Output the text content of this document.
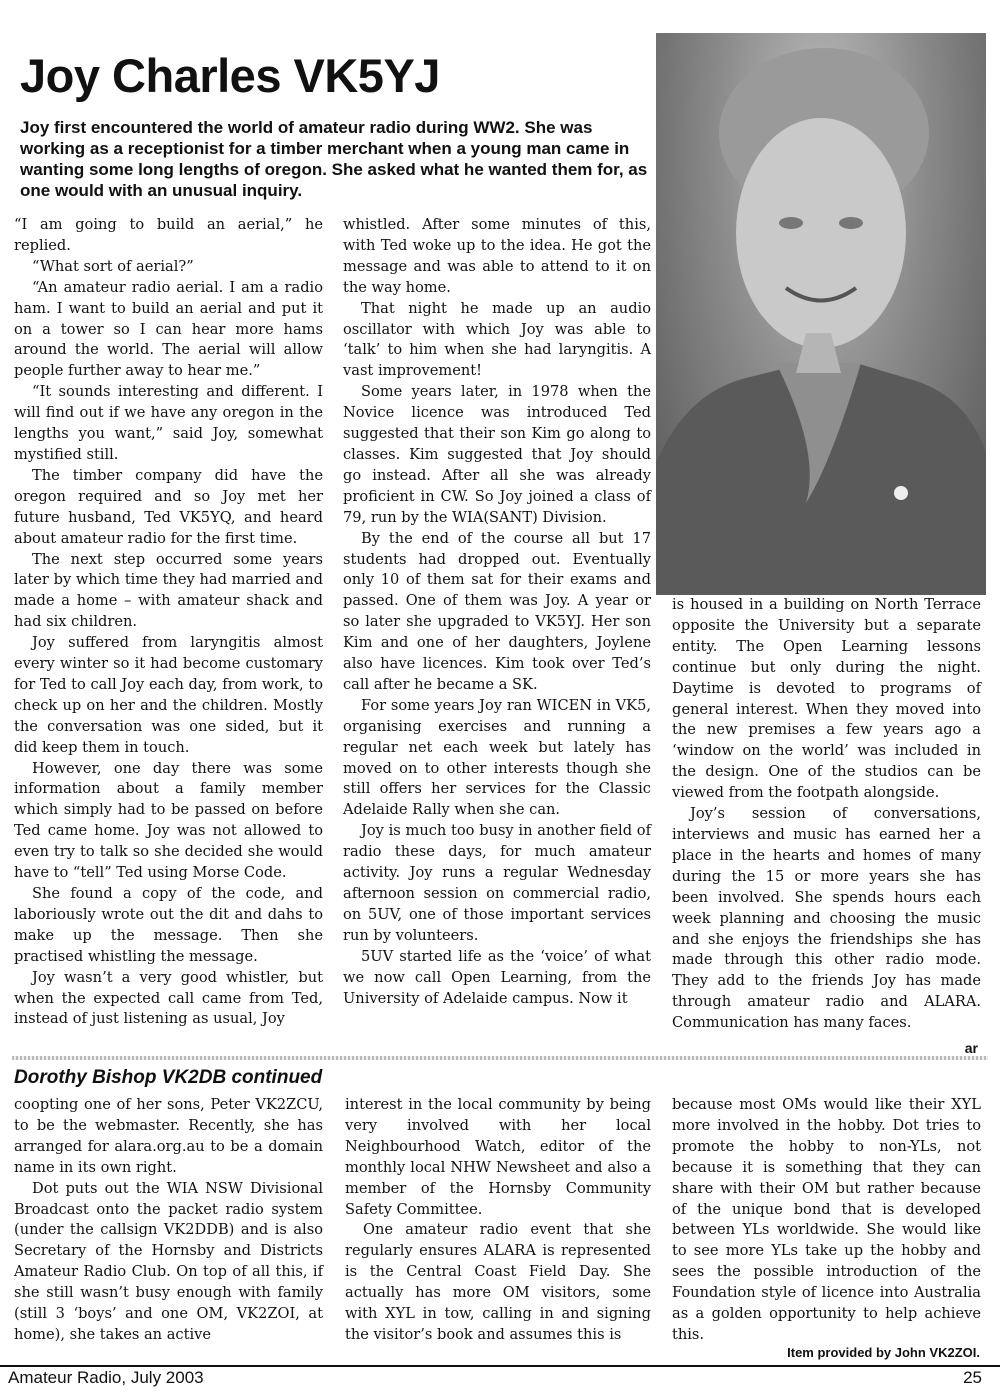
Joy Charles VK5YJ

Joy first encountered the world of amateur radio during WW2. She was working as a receptionist for a timber merchant when a young man came in wanting some long lengths of oregon. She asked what he wanted them for, as one would with an unusual inquiry.

“I am going to build an aerial,” he replied.

“What sort of aerial?”

“An amateur radio aerial. I am a radio ham. I want to build an aerial and put it on a tower so I can hear more hams around the world. The aerial will allow people further away to hear me.”

“It sounds interesting and different. I will find out if we have any oregon in the lengths you want,” said Joy, somewhat mystified still.

The timber company did have the oregon required and so Joy met her future husband, Ted VK5YQ, and heard about amateur radio for the first time.

The next step occurred some years later by which time they had married and made a home – with amateur shack and had six children.

Joy suffered from laryngitis almost every winter so it had become customary for Ted to call Joy each day, from work, to check up on her and the children. Mostly the conversation was one sided, but it did keep them in touch.

However, one day there was some information about a family member which simply had to be passed on before Ted came home. Joy was not allowed to even try to talk so she decided she would have to “tell” Ted using Morse Code.

She found a copy of the code, and laboriously wrote out the dit and dahs to make up the message. Then she practised whistling the message.

Joy wasn’t a very good whistler, but when the expected call came from Ted, instead of just listening as usual, Joy

whistled. After some minutes of this, with Ted woke up to the idea. He got the message and was able to attend to it on the way home.

That night he made up an audio oscillator with which Joy was able to ‘talk’ to him when she had laryngitis. A vast improvement!

Some years later, in 1978 when the Novice licence was introduced Ted suggested that their son Kim go along to classes. Kim suggested that Joy should go instead. After all she was already proficient in CW. So Joy joined a class of 79, run by the WIA(SANT) Division.

By the end of the course all but 17 students had dropped out. Eventually only 10 of them sat for their exams and passed. One of them was Joy. A year or so later she upgraded to VK5YJ. Her son Kim and one of her daughters, Joylene also have licences. Kim took over Ted’s call after he became a SK.

For some years Joy ran WICEN in VK5, organising exercises and running a regular net each week but lately has moved on to other interests though she still offers her services for the Classic Adelaide Rally when she can.

Joy is much too busy in another field of radio these days, for much amateur activity. Joy runs a regular Wednesday afternoon session on commercial radio, on 5UV, one of those important services run by volunteers.

5UV started life as the ‘voice’ of what we now call Open Learning, from the University of Adelaide campus. Now it

is housed in a building on North Terrace opposite the University but a separate entity. The Open Learning lessons continue but only during the night. Daytime is devoted to programs of general interest. When they moved into the new premises a few years ago a ‘window on the world’ was included in the design. One of the studios can be viewed from the footpath alongside.

Joy’s session of conversations, interviews and music has earned her a place in the hearts and homes of many during the 15 or more years she has been involved. She spends hours each week planning and choosing the music and she enjoys the friendships she has made through this other radio mode. They add to the friends Joy has made through amateur radio and ALARA. Communication has many faces.

ar
Dorothy Bishop VK2DB continued

coopting one of her sons, Peter VK2ZCU, to be the webmaster. Recently, she has arranged for alara.org.au to be a domain name in its own right.

Dot puts out the WIA NSW Divisional Broadcast onto the packet radio system (under the callsign VK2DDB) and is also Secretary of the Hornsby and Districts Amateur Radio Club. On top of all this, if she still wasn’t busy enough with family (still 3 ‘boys’ and one OM, VK2ZOI, at home), she takes an active

interest in the local community by being very involved with her local Neighbourhood Watch, editor of the monthly local NHW Newsheet and also a member of the Hornsby Community Safety Committee.

One amateur radio event that she regularly ensures ALARA is represented is the Central Coast Field Day. She actually has more OM visitors, some with XYL in tow, calling in and signing the visitor’s book and assumes this is

because most OMs would like their XYL more involved in the hobby. Dot tries to promote the hobby to non-YLs, not because it is something that they can share with their OM but rather because of the unique bond that is developed between YLs worldwide. She would like to see more YLs take up the hobby and sees the possible introduction of the Foundation style of licence into Australia as a golden opportunity to help achieve this.

Item provided by John VK2ZOI.
Amateur Radio, July 2003	25
